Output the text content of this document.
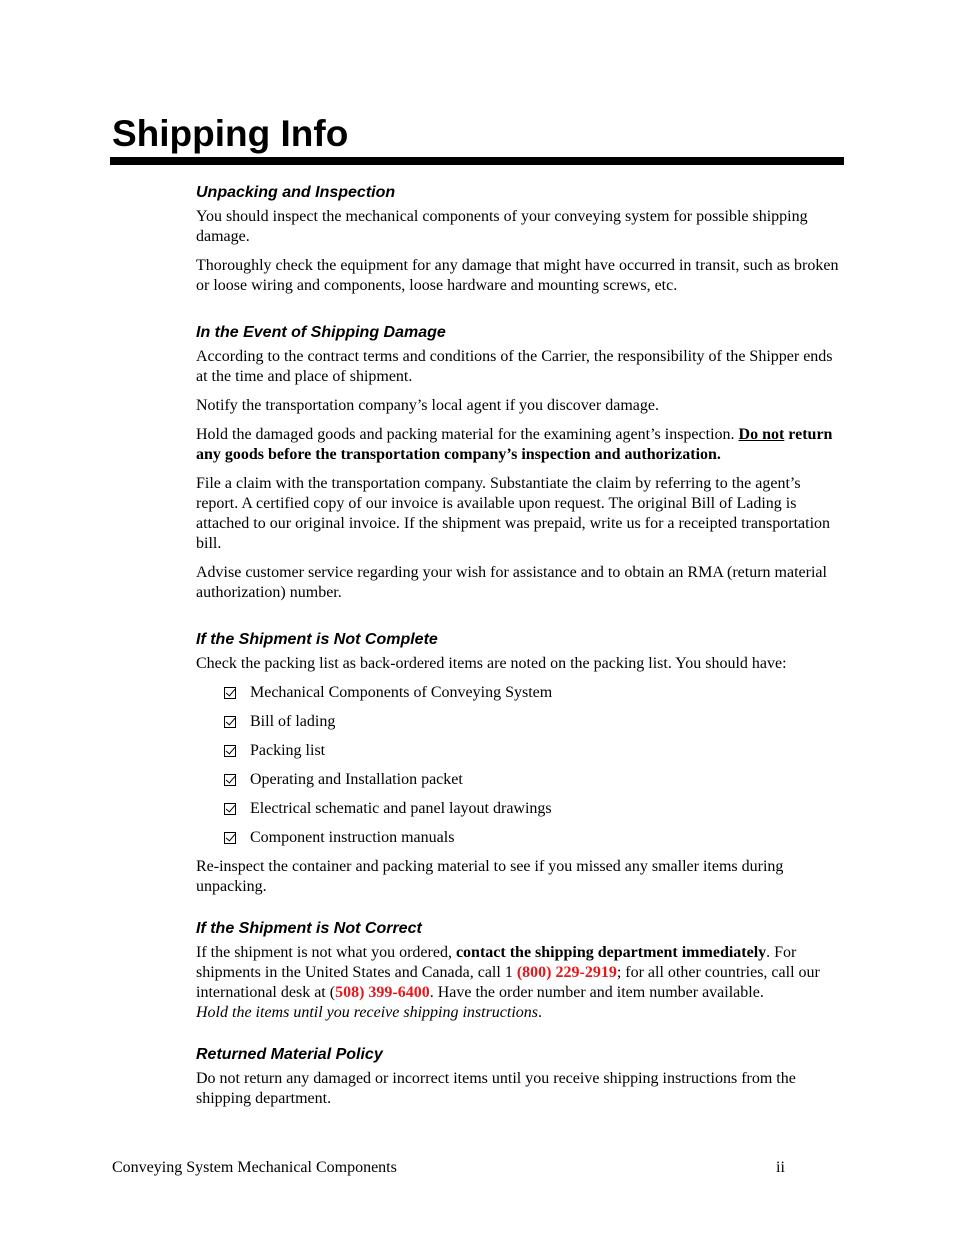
Shipping Info
Unpacking and Inspection

You should inspect the mechanical components of your conveying system for possible shipping damage.

Thoroughly check the equipment for any damage that might have occurred in transit, such as broken or loose wiring and components, loose hardware and mounting screws, etc.

In the Event of Shipping Damage

According to the contract terms and conditions of the Carrier, the responsibility of the Shipper ends at the time and place of shipment.

Notify the transportation company’s local agent if you discover damage.

Hold the damaged goods and packing material for the examining agent’s inspection. Do not return any goods before the transportation company’s inspection and authorization.

File a claim with the transportation company. Substantiate the claim by referring to the agent’s report. A certified copy of our invoice is available upon request. The original Bill of Lading is attached to our original invoice. If the shipment was prepaid, write us for a receipted transportation bill.

Advise customer service regarding your wish for assistance and to obtain an RMA (return material authorization) number.

If the Shipment is Not Complete

Check the packing list as back-ordered items are noted on the packing list. You should have:

Mechanical Components of Conveying System
Bill of lading
Packing list
Operating and Installation packet
Electrical schematic and panel layout drawings
Component instruction manuals

Re-inspect the container and packing material to see if you missed any smaller items during unpacking.

If the Shipment is Not Correct

If the shipment is not what you ordered, contact the shipping department immediately. For shipments in the United States and Canada, call 1 (800) 229-2919; for all other countries, call our international desk at (508) 399-6400. Have the order number and item number available.
Hold the items until you receive shipping instructions.

Returned Material Policy

Do not return any damaged or incorrect items until you receive shipping instructions from the shipping department.

Conveying System Mechanical Components	ii
